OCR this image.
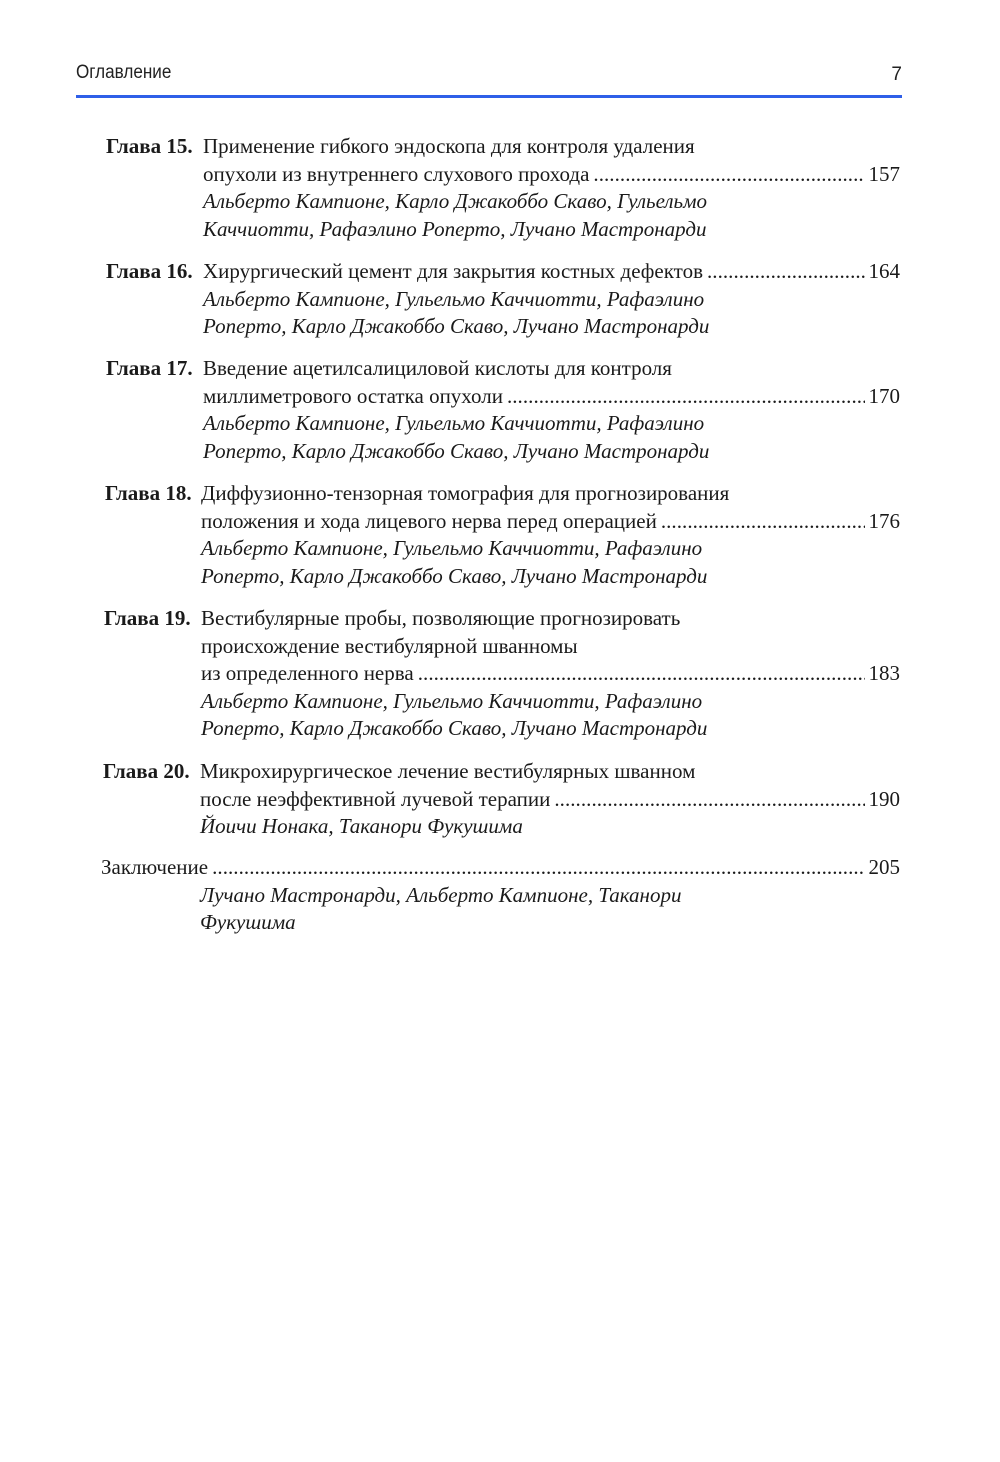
Оглавление	7
Глава 15. Применение гибкого эндоскопа для контроля удаления
опухоли из внутреннего слухового прохода . . .	157
Альберто Кампионе, Карло Джакоббо Скаво, Гульельмо
Каччиотти, Рафаэлино Роперто, Лучано Мастронарди
Глава 16. Хирургический цемент для закрытия костных дефектов . . .	164
Альберто Кампионе, Гульельмо Каччиотти, Рафаэлино
Роперто, Карло Джакоббо Скаво, Лучано Мастронарди
Глава 17. Введение ацетилсалициловой кислоты для контроля
миллиметрового остатка опухоли . . .	170
Альберто Кампионе, Гульельмо Каччиотти, Рафаэлино
Роперто, Карло Джакоббо Скаво, Лучано Мастронарди
Глава 18. Диффузионно-тензорная томография для прогнозирования
положения и хода лицевого нерва перед операцией . . .	176
Альберто Кампионе, Гульельмо Каччиотти, Рафаэлино
Роперто, Карло Джакоббо Скаво, Лучано Мастронарди
Глава 19. Вестибулярные пробы, позволяющие прогнозировать
происхождение вестибулярной шванномы
из определенного нерва . . .	183
Альберто Кампионе, Гульельмо Каччиотти, Рафаэлино
Роперто, Карло Джакоббо Скаво, Лучано Мастронарди
Глава 20. Микрохирургическое лечение вестибулярных шванном
после неэффективной лучевой терапии . . .	190
Йоичи Нонака, Таканори Фукушима
Заключение . . .	205
Лучано Мастронарди, Альберто Кампионе, Таканори
Фукушима
